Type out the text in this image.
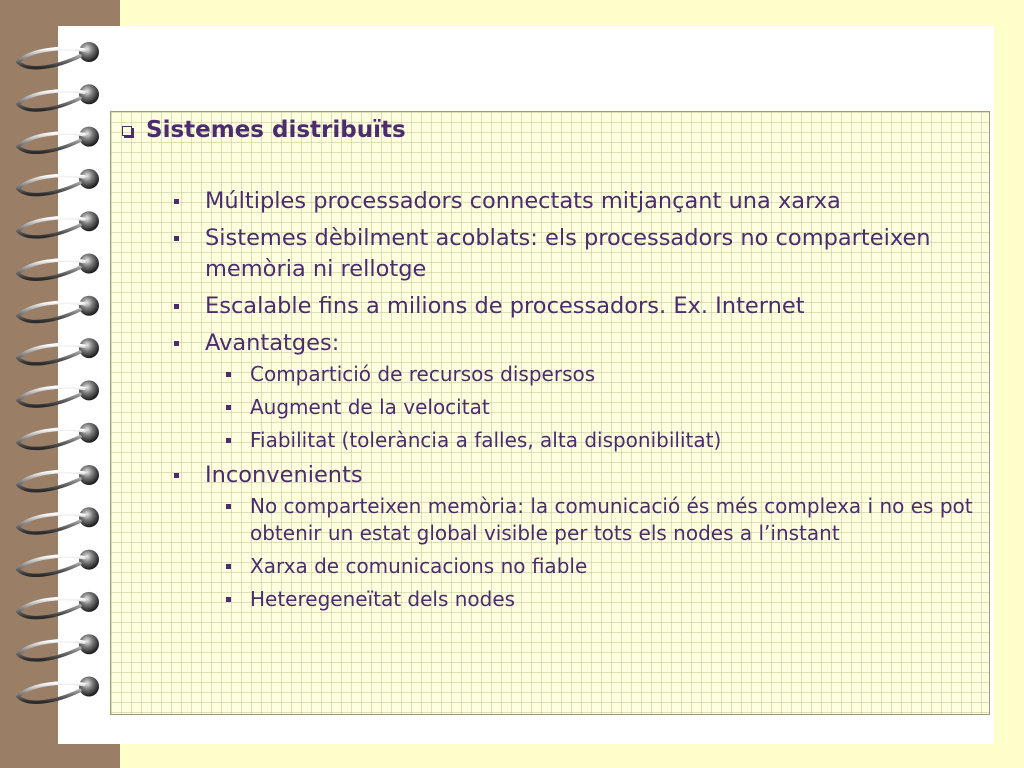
Sistemes distribuïts
Múltiples processadors connectats mitjançant una xarxa
Sistemes dèbilment acoblats: els processadors no comparteixen memòria ni rellotge
Escalable fins a milions de processadors. Ex. Internet
Avantatges:
Compartició de recursos dispersos
Augment de la velocitat
Fiabilitat (tolerància a falles, alta disponibilitat)
Inconvenients
No comparteixen memòria: la comunicació és més complexa i no es pot obtenir un estat global visible per tots els nodes a l’instant
Xarxa de comunicacions no fiable
Heteregeneïtat dels nodes
